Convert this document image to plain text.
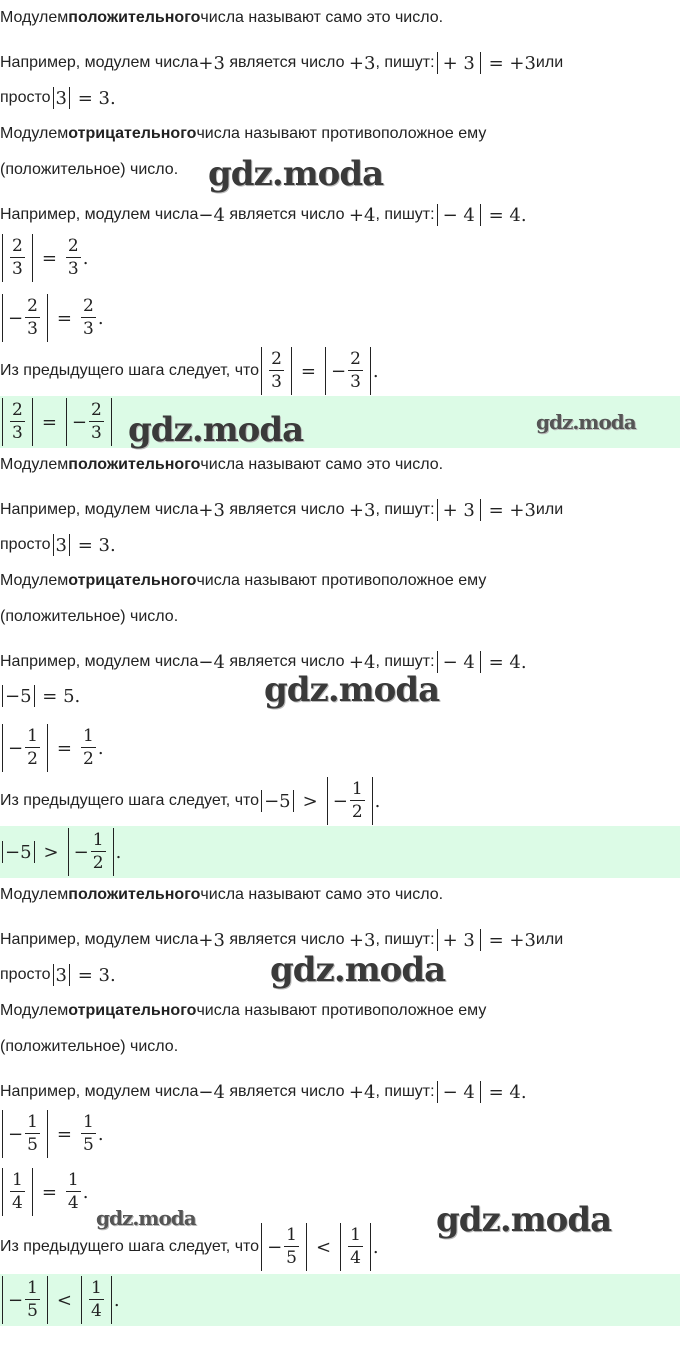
Модулем положительного числа называют само это число.
Например, модулем числа +3
является число
+3 , пишут: + 3
= +3 или
просто 3
= 3.
Модулем отрицательного числа называют противоположное ему
(положительное) число. gdz.moda
Например, модулем числа −4
является число
+4 , пишут: − 4
= 4.
$\frac{2}{3} = \frac{2}{3}$ .
− $\frac{2}{3} = \frac{2}{3}$ .
Из предыдущего шага следует, что $\frac{2}{3}$ = − $\frac{2}{3}$ .
$\frac{2}{3}$ = − $\frac{2}{3}$ gdz.moda	gdz.moda
Модулем положительного числа называют само это число.
Например, модулем числа +3
является число
+3 , пишут: + 3
= +3 или
просто 3
= 3.
Модулем отрицательного числа называют противоположное ему
(положительное) число.
Например, модулем числа −4
является число
+4 , пишут: − 4
= 4.
−5
= 5.	gdz.moda
− $\frac{1}{2} = \frac{1}{2}$ .
Из предыдущего шага следует, что −5 > − $\frac{1}{2}$ .
−5 > − $\frac{1}{2}$ .
Модулем положительного числа называют само это число.
Например, модулем числа +3
является число
+3 , пишут: + 3
= +3 или
просто 3
= 3.	gdz.moda
Модулем отрицательного числа называют противоположное ему
(положительное) число.
Например, модулем числа −4
является число
+4 , пишут: − 4
= 4.
− $\frac{1}{5} = \frac{1}{5}$ .
$\frac{1}{4} = \frac{1}{4}$ .
gdz.moda	gdz.moda
Из предыдущего шага следует, что − $\frac{1}{5} < \frac{1}{4}$ .
− $\frac{1}{5} < \frac{1}{4}$ .
